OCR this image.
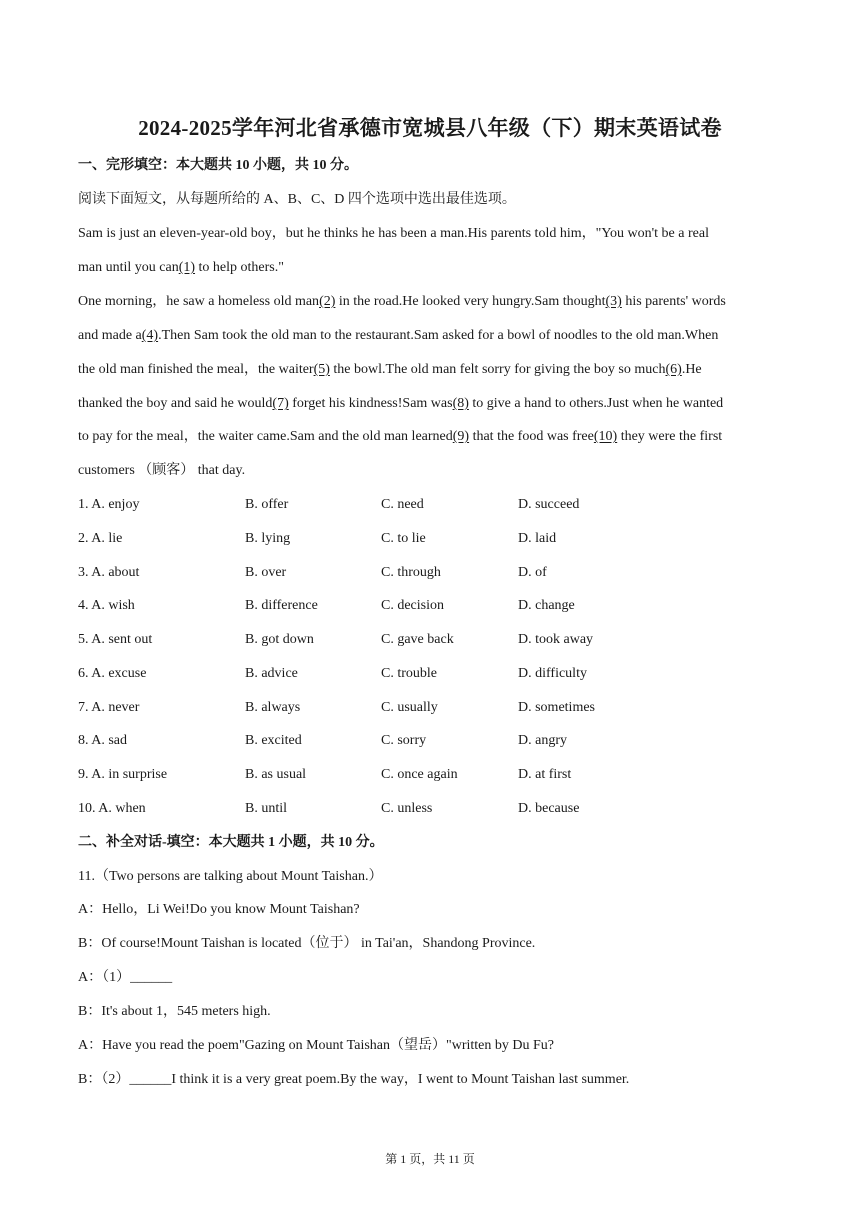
2024-2025学年河北省承德市宽城县八年级（下）期末英语试卷
一、完形填空：本大题共 10 小题，共 10 分。
阅读下面短文，从每题所给的 A、B、C、D 四个选项中选出最佳选项。
Sam is just an eleven-year-old boy，but he thinks he has been a man.His parents told him，"You won't be a real
man until you can(1) to help others."
One morning，he saw a homeless old man(2) in the road.He looked very hungry.Sam thought(3) his parents' words
and made a(4).Then Sam took the old man to the restaurant.Sam asked for a bowl of noodles to the old man.When
the old man finished the meal，the waiter(5) the bowl.The old man felt sorry for giving the boy so much(6).He
thanked the boy and said he would(7) forget his kindness!Sam was(8) to give a hand to others.Just when he wanted
to pay for the meal，the waiter came.Sam and the old man learned(9) that the food was free(10) they were the first
customers （顾客） that day.
1. A. enjoy	B. offer	C. need	D. succeed
2. A. lie	B. lying	C. to lie	D. laid
3. A. about	B. over	C. through	D. of
4. A. wish	B. difference	C. decision	D. change
5. A. sent out	B. got down	C. gave back	D. took away
6. A. excuse	B. advice	C. trouble	D. difficulty
7. A. never	B. always	C. usually	D. sometimes
8. A. sad	B. excited	C. sorry	D. angry
9. A. in surprise	B. as usual	C. once again	D. at first
10. A. when	B. until	C. unless	D. because
二、补全对话-填空：本大题共 1 小题，共 10 分。
11.（Two persons are talking about Mount Taishan.）
A：Hello，Li Wei!Do you know Mount Taishan?
B：Of course!Mount Taishan is located（位于） in Tai'an，Shandong Province.
A：（1）______
B：It's about 1，545 meters high.
A：Have you read the poem"Gazing on Mount Taishan（望岳）"written by Du Fu?
B：（2）______I think it is a very great poem.By the way，I went to Mount Taishan last summer.
第 1 页，共 11 页
